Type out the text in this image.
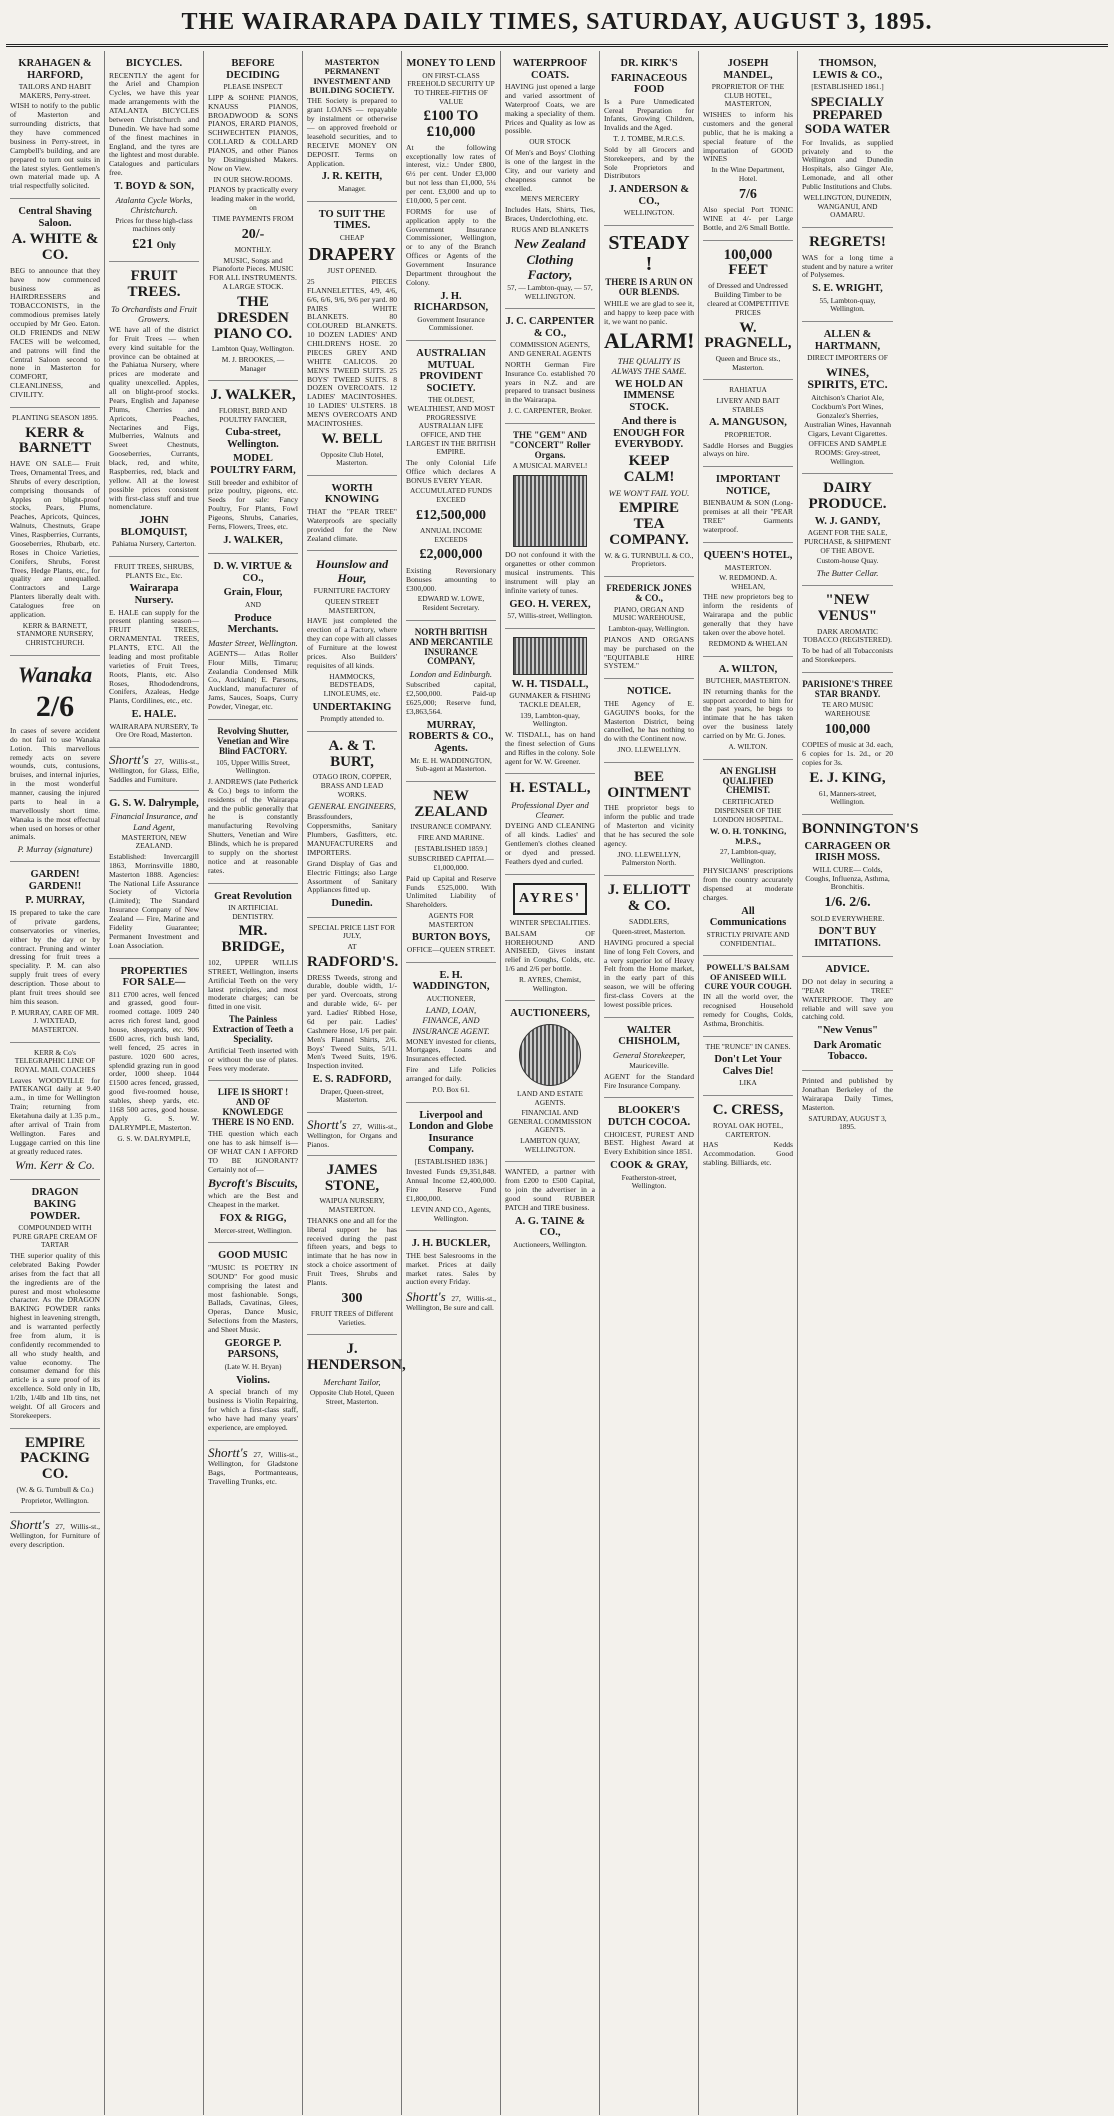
THE WAIRARAPA DAILY TIMES, SATURDAY, AUGUST 3, 1895.
KRAHAGEN & HARFORD,
TAILORS AND HABIT MAKERS, Perry-street.
WISH to notify to the public of Masterton and surrounding districts, that they have commenced business in Perry-street, in Campbell's building, and are prepared to turn out suits in the latest styles. Gentlemen's own material made up. A trial respectfully solicited.
Central Shaving Saloon.
A. WHITE & CO.
BEG to announce that they have now commenced business as HAIRDRESSERS and TOBACCONISTS, in the commodious premises lately occupied by Mr Geo. Eaton. OLD FRIENDS and NEW FACES will be welcomed, and patrons will find the Central Saloon second to none in Masterton for COMFORT, CLEANLINESS, and CIVILITY.
PLANTING SEASON 1895.
KERR & BARNETT
HAVE ON SALE— Fruit Trees, Ornamental Trees, and Shrubs of every description, comprising thousands of Apples on blight-proof stocks, Pears, Plums, Peaches, Apricots, Quinces, Walnuts, Chestnuts, Grape Vines, Raspberries, Currants, Gooseberries, Rhubarb, etc. Roses in Choice Varieties, Conifers, Shrubs, Forest Trees, Hedge Plants, etc., for quality are unequalled. Contractors and Large Planters liberally dealt with. Catalogues free on application.
KERR & BARNETT, STANMORE NURSERY, CHRISTCHURCH.
Wanaka
2/6
In cases of severe accident do not fail to use Wanaka Lotion. This marvellous remedy acts on severe wounds, cuts, contusions, bruises, and internal injuries, in the most wonderful manner, causing the injured parts to heal in a marvellously short time. Wanaka is the most effectual when used on horses or other animals.
P. Murray (signature)
GARDEN! GARDEN!!
P. MURRAY,
IS prepared to take the care of private gardens, conservatories or vineries, either by the day or by contract. Pruning and winter dressing for fruit trees a speciality. P. M. can also supply fruit trees of every description. Those about to plant fruit trees should see him this season.
P. MURRAY, CARE OF MR. J. WIXTEAD, MASTERTON.
KERR & Co's TELEGRAPHIC LINE OF ROYAL MAIL COACHES
Leaves WOODVILLE for PATEKANGI daily at 9.40 a.m., in time for Wellington Train; returning from Eketahuna daily at 1.35 p.m., after arrival of Train from Wellington. Fares and Luggage carried on this line at greatly reduced rates.
Wm. Kerr & Co.
DRAGON BAKING POWDER.
COMPOUNDED WITH PURE GRAPE CREAM OF TARTAR
THE superior quality of this celebrated Baking Powder arises from the fact that all the ingredients are of the purest and most wholesome character. As the DRAGON BAKING POWDER ranks highest in leavening strength, and is warranted perfectly free from alum, it is confidently recommended to all who study health, and value economy. The consumer demand for this article is a sure proof of its excellence. Sold only in 1lb, 1/2lb, 1/4lb and 1lb tins, net weight. Of all Grocers and Storekeepers.
EMPIRE PACKING CO.
(W. & G. Turnbull & Co.)
Proprietor, Wellington.
Shortt's 27, Willis-st., Wellington, for Furniture of every description.
BICYCLES.
RECENTLY the agent for the Ariel and Champion Cycles, we have this year made arrangements with the ATALANTA BICYCLES between Christchurch and Dunedin. We have had some of the finest machines in England, and the tyres are the lightest and most durable. Catalogues and particulars free.
T. BOYD & SON,
Atalanta Cycle Works, Christchurch.
Prices for these high-class machines only
£21 Only
FRUIT TREES.
To Orchardists and Fruit Growers.
WE have all of the district for Fruit Trees — when every kind suitable for the province can be obtained at the Pahiatua Nursery, where prices are moderate and quality unexcelled. Apples, all on blight-proof stocks. Pears, English and Japanese Plums, Cherries and Apricots, Peaches, Nectarines and Figs, Mulberries, Walnuts and Sweet Chestnuts, Gooseberries, Currants, black, red, and white, Raspberries, red, black and yellow. All at the lowest possible prices consistent with first-class stuff and true nomenclature.
JOHN BLOMQUIST,
Pahiatua Nursery, Carterton.
FRUIT TREES, SHRUBS, PLANTS Etc., Etc.
Wairarapa Nursery.
E. HALE can supply for the present planting season— FRUIT TREES, ORNAMENTAL TREES, PLANTS, ETC. All the leading and most profitable varieties of Fruit Trees, Roots, Plants, etc. Also Roses, Rhododendrons, Conifers, Azaleas, Hedge Plants, Cordilines, etc., etc.
E. HALE.
WAIRARAPA NURSERY, Te Ore Ore Road, Masterton.
Shortt's 27, Willis-st., Wellington, for Glass, Elfie, Saddles and Furniture.
G. S. W. Dalrymple,
Financial Insurance, and Land Agent,
MASTERTON, NEW ZEALAND.
Established: Invercargill 1863, Morrinsville 1880, Masterton 1888. Agencies: The National Life Assurance Society of Victoria (Limited); The Standard Insurance Company of New Zealand — Fire, Marine and Fidelity Guarantee; Permanent Investment and Loan Association.
PROPERTIES FOR SALE—
811 £700 acres, well fenced and grassed, good four-roomed cottage. 1009 240 acres rich forest land, good house, sheepyards, etc. 906 £600 acres, rich bush land, well fenced, 25 acres in pasture. 1020 600 acres, splendid grazing run in good order, 1000 sheep. 1044 £1500 acres fenced, grassed, good five-roomed house, stables, sheep yards, etc. 1168 500 acres, good house. Apply G. S. W. DALRYMPLE, Masterton.
G. S. W. DALRYMPLE,
BEFORE DECIDING
PLEASE INSPECT
LIPP & SOHNE PIANOS, KNAUSS PIANOS, BROADWOOD & SONS PIANOS, ERARD PIANOS, SCHWECHTEN PIANOS, COLLARD & COLLARD PIANOS, and other Pianos by Distinguished Makers. Now on View.
IN OUR SHOW-ROOMS.
PIANOS by practically every leading maker in the world, on
TIME PAYMENTS FROM
20/-
MONTHLY.
MUSIC, Songs and Pianoforte Pieces. MUSIC FOR ALL INSTRUMENTS. A LARGE STOCK.
THE DRESDEN PIANO CO.
Lambton Quay, Wellington.
M. J. BROOKES, — Manager
J. WALKER,
FLORIST, BIRD AND POULTRY FANCIER,
Cuba-street, Wellington.
MODEL POULTRY FARM,
Still breeder and exhibitor of prize poultry, pigeons, etc. Seeds for sale: Fancy Poultry, For Plants, Fowl Pigeons, Shrubs, Canaries, Ferns, Flowers, Trees, etc.
J. WALKER,
D. W. VIRTUE & CO.,
Grain, Flour,
AND
Produce Merchants.
Master Street, Wellington.
AGENTS— Atlas Roller Flour Mills, Timaru; Zealandia Condensed Milk Co., Auckland; E. Parsons, Auckland, manufacturer of Jams, Sauces, Soaps, Curry Powder, Vinegar, etc.
Revolving Shutter, Venetian and Wire Blind FACTORY.
105, Upper Willis Street, Wellington.
J. ANDREWS (late Petherick & Co.) begs to inform the residents of the Wairarapa and the public generally that he is constantly manufacturing Revolving Shutters, Venetian and Wire Blinds, which he is prepared to supply on the shortest notice and at reasonable rates.
Great Revolution
IN ARTIFICIAL DENTISTRY.
MR. BRIDGE,
102, UPPER WILLIS STREET, Wellington, inserts Artificial Teeth on the very latest principles, and most moderate charges; can be fitted in one visit.
The Painless Extraction of Teeth a Speciality.
Artificial Teeth inserted with or without the use of plates. Fees very moderate.
LIFE IS SHORT ! AND OF KNOWLEDGE THERE IS NO END.
THE question which each one has to ask himself is— OF WHAT CAN I AFFORD TO BE IGNORANT? Certainly not of—
Bycroft's Biscuits,
which are the Best and Cheapest in the market.
FOX & RIGG,
Mercer-street, Wellington.
GOOD MUSIC
"MUSIC IS POETRY IN SOUND" For good music comprising the latest and most fashionable. Songs, Ballads, Cavatinas, Glees, Operas, Dance Music, Selections from the Masters, and Sheet Music.
GEORGE P. PARSONS,
(Late W. H. Bryan)
Violins.
A special branch of my business is Violin Repairing, for which a first-class staff, who have had many years' experience, are employed.
Shortt's 27, Willis-st., Wellington, for Gladstone Bags, Portmanteaus, Travelling Trunks, etc.
MASTERTON PERMANENT INVESTMENT AND BUILDING SOCIETY.
THE Society is prepared to grant LOANS — repayable by instalment or otherwise — on approved freehold or leasehold securities, and to RECEIVE MONEY ON DEPOSIT. Terms on Application.
J. R. KEITH,
Manager.
TO SUIT THE TIMES.
CHEAP
DRAPERY
JUST OPENED.
25 PIECES FLANNELETTES, 4/9, 4/6, 6/6, 6/6, 9/6, 9/6 per yard. 80 PAIRS WHITE BLANKETS. 80 COLOURED BLANKETS. 10 DOZEN LADIES' AND CHILDREN'S HOSE. 20 PIECES GREY AND WHITE CALICOS. 20 MEN'S TWEED SUITS. 25 BOYS' TWEED SUITS. 8 DOZEN OVERCOATS. 12 LADIES' MACINTOSHES. 10 LADIES' ULSTERS. 18 MEN'S OVERCOATS AND MACINTOSHES.
W. BELL
Opposite Club Hotel, Masterton.
WORTH KNOWING
THAT the "PEAR TREE" Waterproofs are specially provided for the New Zealand climate.
Hounslow and Hour,
FURNITURE FACTORY
QUEEN STREET MASTERTON,
HAVE just completed the erection of a Factory, where they can cope with all classes of Furniture at the lowest prices. Also Builders' requisites of all kinds.
HAMMOCKS, BEDSTEADS, LINOLEUMS, etc.
UNDERTAKING
Promptly attended to.
A. & T. BURT,
OTAGO IRON, COPPER, BRASS AND LEAD WORKS.
GENERAL ENGINEERS,
Brassfounders, Coppersmiths, Sanitary Plumbers, Gasfitters, etc. MANUFACTURERS and IMPORTERS.
Grand Display of Gas and Electric Fittings; also Large Assortment of Sanitary Appliances fitted up.
Dunedin.
SPECIAL PRICE LIST FOR JULY,
AT
RADFORD'S.
DRESS Tweeds, strong and durable, double width, 1/- per yard. Overcoats, strong and durable wide, 6/- per yard. Ladies' Ribbed Hose, 6d per pair. Ladies' Cashmere Hose, 1/6 per pair. Men's Flannel Shirts, 2/6. Boys' Tweed Suits, 5/11. Men's Tweed Suits, 19/6. Inspection invited.
E. S. RADFORD,
Draper, Queen-street, Masterton.
Shortt's 27, Willis-st., Wellington, for Organs and Pianos.
JAMES STONE,
WAIPUA NURSERY, MASTERTON.
THANKS one and all for the liberal support he has received during the past fifteen years, and begs to intimate that he has now in stock a choice assortment of Fruit Trees, Shrubs and Plants.
300
FRUIT TREES of Different Varieties.
J. HENDERSON,
Merchant Tailor,
Opposite Club Hotel, Queen Street, Masterton.
MONEY TO LEND
ON FIRST-CLASS FREEHOLD SECURITY UP TO THREE-FIFTHS OF VALUE
£100 TO £10,000
At the following exceptionally low rates of interest, viz.: Under £800, 6½ per cent. Under £3,000 but not less than £1,000, 5¼ per cent. £3,000 and up to £10,000, 5 per cent.
FORMS for use of application apply to the Government Insurance Commissioner, Wellington, or to any of the Branch Offices or Agents of the Government Insurance Department throughout the Colony.
J. H. RICHARDSON,
Government Insurance Commissioner.
AUSTRALIAN MUTUAL PROVIDENT SOCIETY.
THE OLDEST, WEALTHIEST, AND MOST PROGRESSIVE AUSTRALIAN LIFE OFFICE, AND THE LARGEST IN THE BRITISH EMPIRE.
The only Colonial Life Office which declares A BONUS EVERY YEAR.
ACCUMULATED FUNDS EXCEED
£12,500,000
ANNUAL INCOME EXCEEDS
£2,000,000
Existing Reversionary Bonuses amounting to £300,000.
EDWARD W. LOWE, Resident Secretary.
NORTH BRITISH AND MERCANTILE INSURANCE COMPANY,
London and Edinburgh.
Subscribed capital, £2,500,000. Paid-up £625,000; Reserve fund, £3,863,564.
MURRAY, ROBERTS & CO., Agents.
Mr. E. H. WADDINGTON, Sub-agent at Masterton.
NEW ZEALAND
INSURANCE COMPANY.
FIRE AND MARINE.
[ESTABLISHED 1859.]
SUBSCRIBED CAPITAL—£1,000,000.
Paid up Capital and Reserve Funds £525,000. With Unlimited Liability of Shareholders.
AGENTS FOR MASTERTON
BURTON BOYS,
OFFICE—QUEEN STREET.
E. H. WADDINGTON,
AUCTIONEER,
LAND, LOAN, FINANCE, AND INSURANCE AGENT.
MONEY invested for clients, Mortgages, Loans and Insurances effected.
Fire and Life Policies arranged for daily.
P.O. Box 61.
Liverpool and London and Globe Insurance Company.
[ESTABLISHED 1836.]
Invested Funds £9,351,848. Annual Income £2,400,000. Fire Reserve Fund £1,800,000.
LEVIN AND CO., Agents, Wellington.
J. H. BUCKLER,
THE best Salesrooms in the market. Prices at daily market rates. Sales by auction every Friday.
Shortt's 27, Willis-st., Wellington, Be sure and call.
WATERPROOF COATS.
HAVING just opened a large and varied assortment of Waterproof Coats, we are making a speciality of them. Prices and Quality as low as possible.
OUR STOCK
Of Men's and Boys' Clothing is one of the largest in the City, and our variety and cheapness cannot be excelled.
MEN'S MERCERY
Includes Hats, Shirts, Ties, Braces, Underclothing, etc.
RUGS AND BLANKETS
New Zealand Clothing Factory,
57, — Lambton-quay, — 57, WELLINGTON.
J. C. CARPENTER & CO.,
COMMISSION AGENTS, AND GENERAL AGENTS
NORTH German Fire Insurance Co. established 70 years in N.Z. and are prepared to transact business in the Wairarapa.
J. C. CARPENTER, Broker.
THE "GEM" AND "CONCERT" Roller Organs.
A MUSICAL MARVEL!
DO not confound it with the organettes or other common musical instruments. This instrument will play an infinite variety of tunes.
GEO. H. VEREX,
57, Willis-street, Wellington.
W. H. TISDALL,
GUNMAKER & FISHING TACKLE DEALER,
139, Lambton-quay, Wellington.
W. TISDALL, has on hand the finest selection of Guns and Rifles in the colony. Sole agent for W. W. Greener.
H. ESTALL,
Professional Dyer and Cleaner.
DYEING AND CLEANING of all kinds. Ladies' and Gentlemen's clothes cleaned or dyed and pressed. Feathers dyed and curled.
AYRES'
WINTER SPECIALITIES.
BALSAM OF HOREHOUND AND ANISEED, Gives instant relief in Coughs, Colds, etc. 1/6 and 2/6 per bottle.
R. AYRES, Chemist, Wellington.
AUCTIONEERS,
LAND AND ESTATE AGENTS.
FINANCIAL AND GENERAL COMMISSION AGENTS.
LAMBTON QUAY, WELLINGTON.
WANTED, a partner with from £200 to £500 Capital, to join the advertiser in a good sound RUBBER PATCH and TIRE business.
A. G. TAINE & CO.,
Auctioneers, Wellington.
DR. KIRK'S
FARINACEOUS FOOD
Is a Pure Unmedicated Cereal Preparation for Infants, Growing Children, Invalids and the Aged.
T. J. TOMBE, M.R.C.S.
Sold by all Grocers and Storekeepers, and by the Sole Proprietors and Distributors
J. ANDERSON & CO.,
WELLINGTON.
STEADY !
THERE IS A RUN ON OUR BLENDS.
WHILE we are glad to see it, and happy to keep pace with it, we want no panic.
ALARM!
THE QUALITY IS ALWAYS THE SAME.
WE HOLD AN IMMENSE STOCK.
And there is ENOUGH FOR EVERYBODY.
KEEP CALM!
WE WON'T FAIL YOU.
EMPIRE TEA COMPANY.
W. & G. TURNBULL & CO., Proprietors.
FREDERICK JONES & CO.,
PIANO, ORGAN AND MUSIC WAREHOUSE,
Lambton-quay, Wellington.
PIANOS AND ORGANS may be purchased on the "EQUITABLE HIRE SYSTEM."
NOTICE.
THE Agency of E. GAGUIN'S books, for the Masterton District, being cancelled, he has nothing to do with the Continent now.
JNO. LLEWELLYN.
BEE OINTMENT
THE proprietor begs to inform the public and trade of Masterton and vicinity that he has secured the sole agency.
JNO. LLEWELLYN, Palmerston North.
J. ELLIOTT & CO.
SADDLERS,
Queen-street, Masterton.
HAVING procured a special line of long Felt Covers, and a very superior lot of Heavy Felt from the Home market, in the early part of this season, we will be offering first-class Covers at the lowest possible prices.
WALTER CHISHOLM,
General Storekeeper,
Mauriceville.
AGENT for the Standard Fire Insurance Company.
BLOOKER'S DUTCH COCOA.
CHOICEST, PUREST AND BEST. Highest Award at Every Exhibition since 1851.
COOK & GRAY,
Featherston-street, Wellington.
JOSEPH MANDEL,
PROPRIETOR OF THE CLUB HOTEL, MASTERTON,
WISHES to inform his customers and the general public, that he is making a special feature of the importation of GOOD WINES
In the Wine Department, Hotel.
7/6
Also special Port TONIC WINE at 4/- per Large Bottle, and 2/6 Small Bottle.
100,000 FEET
of Dressed and Undressed Building Timber to be cleared at COMPETITIVE PRICES
W. PRAGNELL,
Queen and Bruce sts., Masterton.
RAHIATUA
LIVERY AND BAIT STABLES
A. MANGUSON,
PROPRIETOR.
Saddle Horses and Buggies always on hire.
IMPORTANT NOTICE,
BIENBAUM & SON (Long-premises at all their "PEAR TREE" Garments waterproof.
QUEEN'S HOTEL,
MASTERTON.
W. REDMOND. A. WHELAN,
THE new proprietors beg to inform the residents of Wairarapa and the public generally that they have taken over the above hotel.
REDMOND & WHELAN
A. WILTON,
BUTCHER, MASTERTON.
IN returning thanks for the support accorded to him for the past years, he begs to intimate that he has taken over the business lately carried on by Mr. G. Jones.
A. WILTON.
AN ENGLISH QUALIFIED CHEMIST.
CERTIFICATED DISPENSER OF THE LONDON HOSPITAL.
W. O. H. TONKING, M.P.S.,
27, Lambton-quay, Wellington.
PHYSICIANS' prescriptions from the country accurately dispensed at moderate charges.
All Communications
STRICTLY PRIVATE AND CONFIDENTIAL.
POWELL'S BALSAM OF ANISEED WILL CURE YOUR COUGH.
IN all the world over, the recognised Household remedy for Coughs, Colds, Asthma, Bronchitis.
THE "RUNCE" IN CANES.
Don't Let Your Calves Die!
LIKA
C. CRESS,
ROYAL OAK HOTEL, CARTERTON.
HAS Kedds Accommodation. Good stabling. Billiards, etc.
THOMSON, LEWIS & CO.,
[ESTABLISHED 1861.]
SPECIALLY PREPARED SODA WATER
For Invalids, as supplied privately and to the Wellington and Dunedin Hospitals, also Ginger Ale, Lemonade, and all other Public Institutions and Clubs.
WELLINGTON, DUNEDIN, WANGANUI, AND OAMARU.
REGRETS!
WAS for a long time a student and by nature a writer of Polysemes.
S. E. WRIGHT,
55, Lambton-quay, Wellington.
ALLEN & HARTMANN,
DIRECT IMPORTERS OF
WINES, SPIRITS, ETC.
Aitchison's Chariot Ale, Cockburn's Port Wines, Gonzalez's Sherries, Australian Wines, Havannah Cigars, Levant Cigarettes.
OFFICES AND SAMPLE ROOMS: Grey-street, Wellington.
DAIRY PRODUCE.
W. J. GANDY,
AGENT FOR THE SALE, PURCHASE, & SHIPMENT OF THE ABOVE.
Custom-house Quay.
The Butter Cellar.
"NEW VENUS"
DARK AROMATIC TOBACCO (REGISTERED).
To be had of all Tobacconists and Storekeepers.
PARISIONE'S THREE STAR BRANDY.
TE ARO MUSIC WAREHOUSE
100,000
COPIES of music at 3d. each, 6 copies for 1s. 2d., or 20 copies for 3s.
E. J. KING,
61, Manners-street, Wellington.
BONNINGTON'S
CARRAGEEN OR IRISH MOSS.
WILL CURE— Colds, Coughs, Influenza, Asthma, Bronchitis.
1/6. 2/6.
SOLD EVERYWHERE.
DON'T BUY IMITATIONS.
ADVICE.
DO not delay in securing a "PEAR TREE" WATERPROOF. They are reliable and will save you catching cold.
"New Venus"
Dark Aromatic Tobacco.
Printed and published by Jonathan Berkeley of the Wairarapa Daily Times, Masterton.
SATURDAY, AUGUST 3, 1895.
